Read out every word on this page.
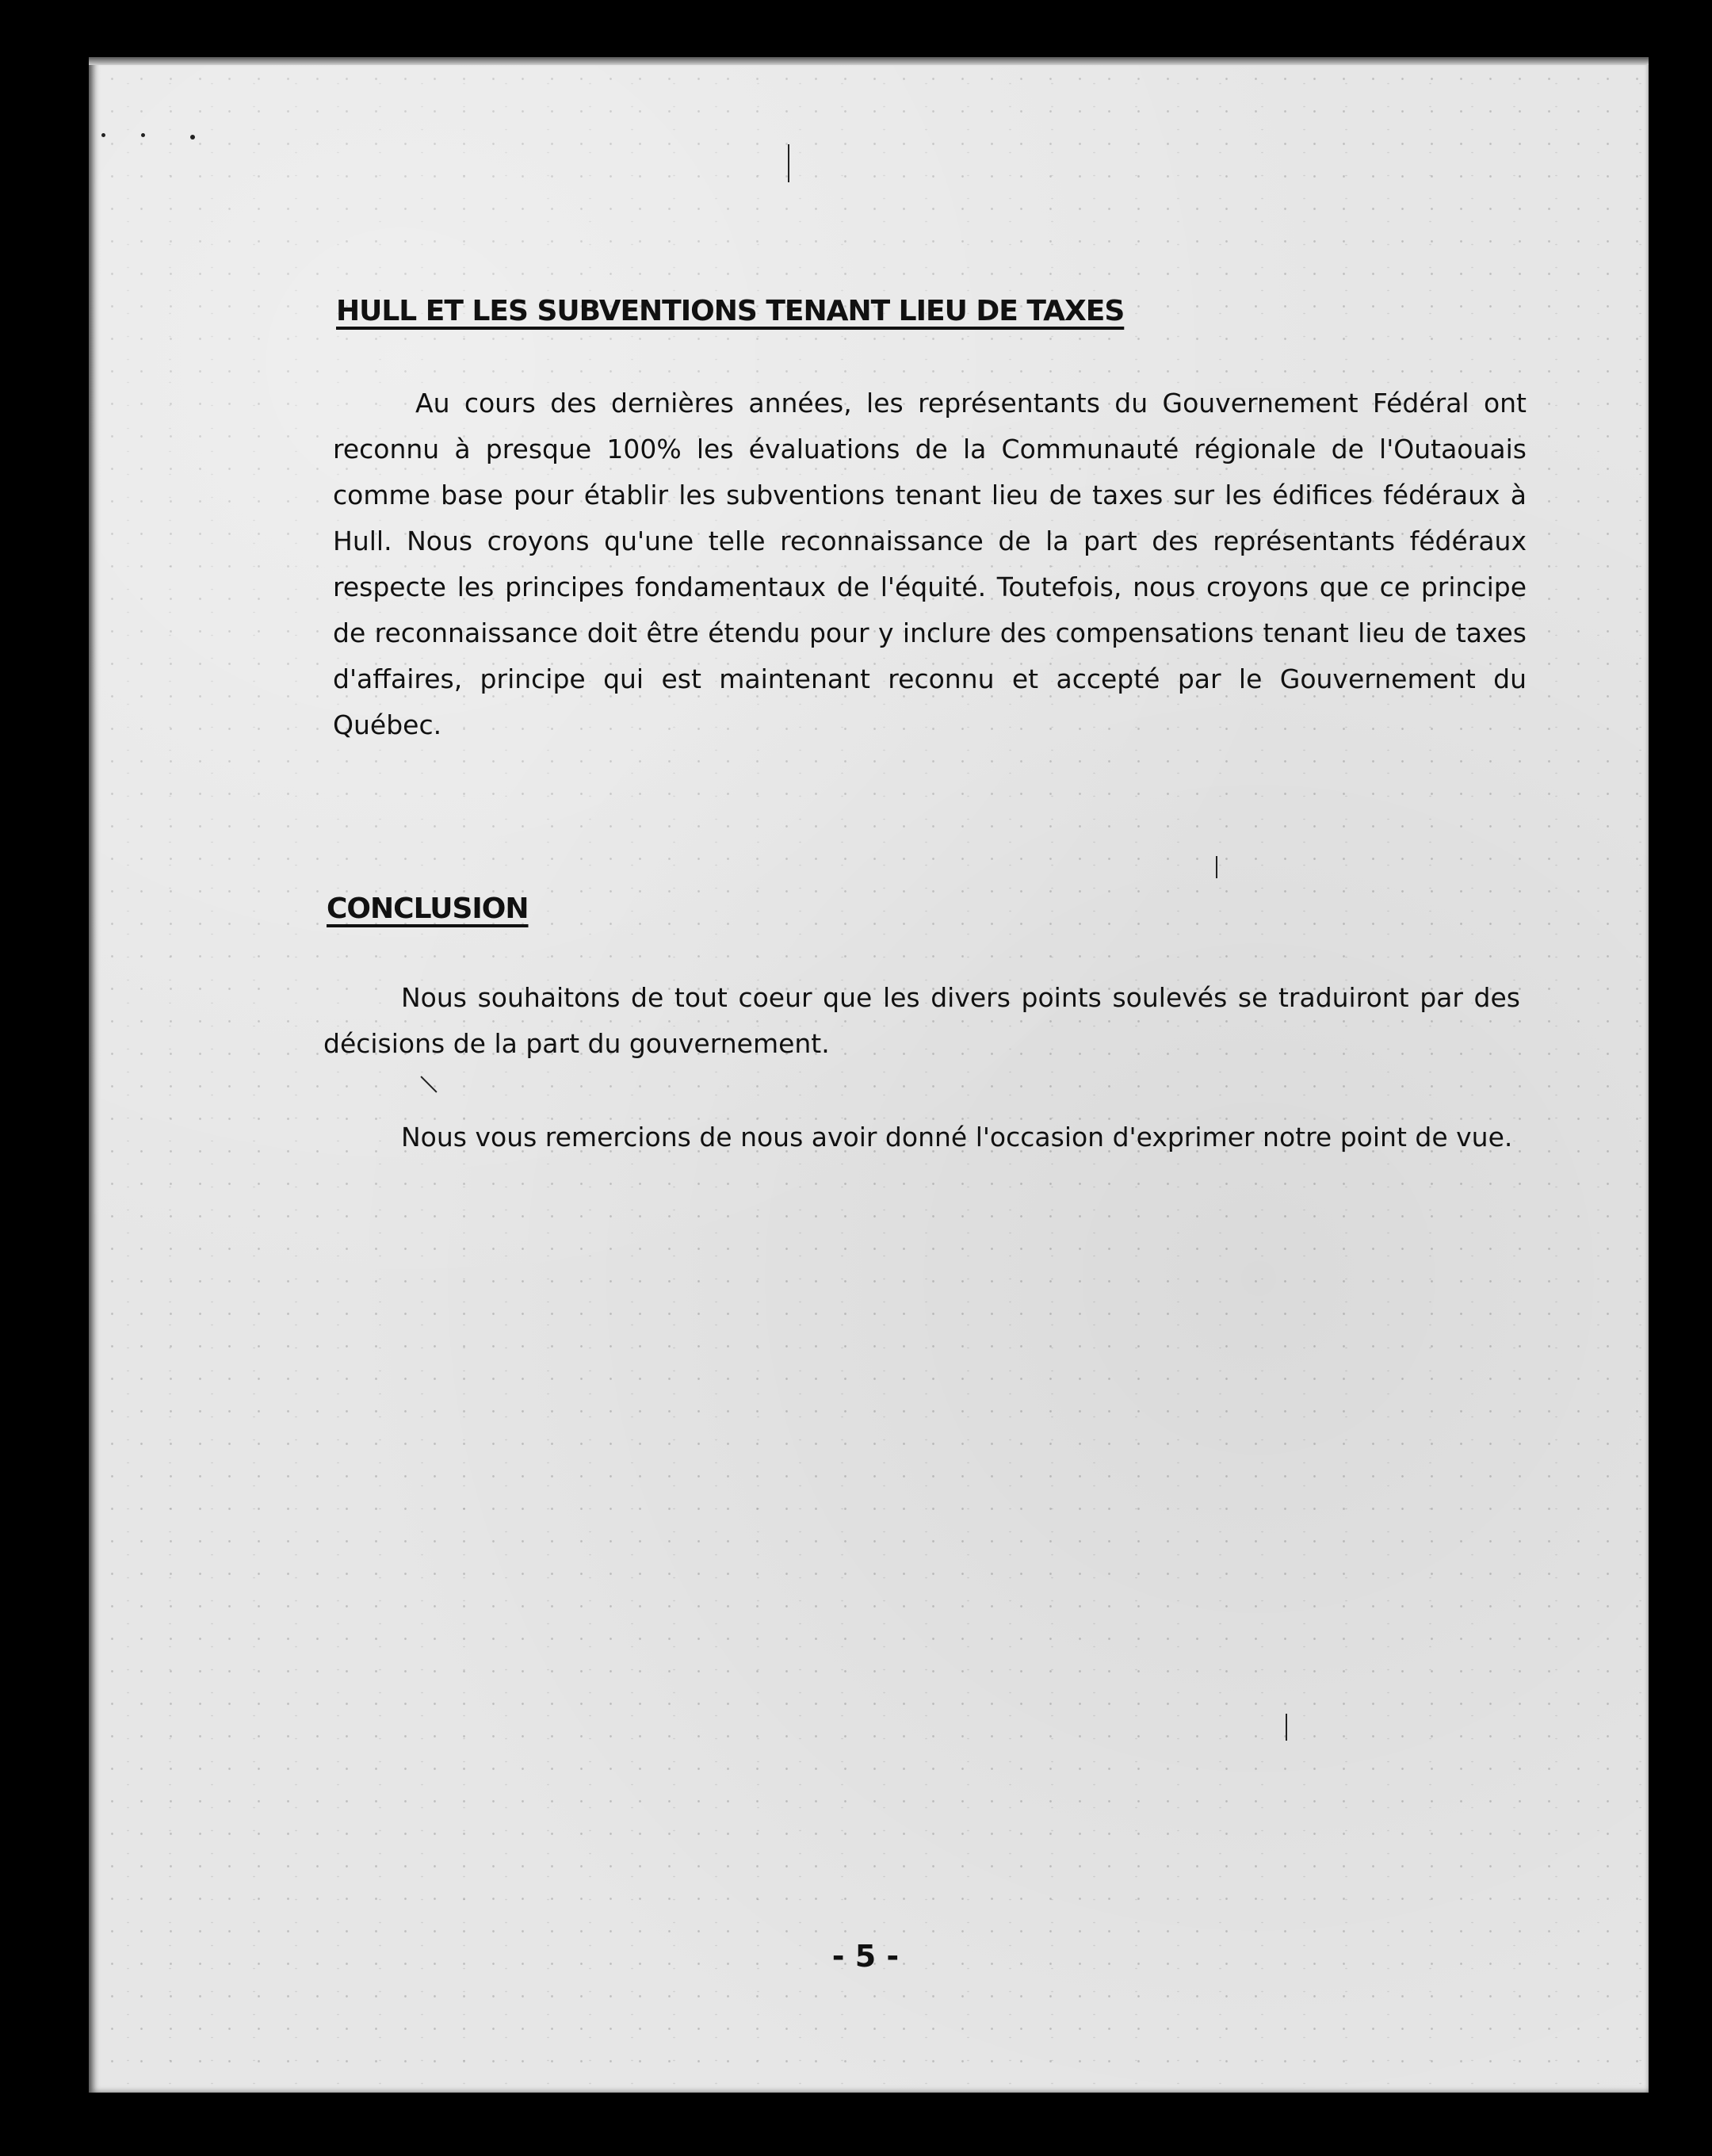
HULL ET LES SUBVENTIONS TENANT LIEU DE TAXES

Au cours des dernières années, les représentants du Gouvernement Fédéral ont reconnu à presque 100% les évaluations de la Communauté régionale de l'Outaouais comme base pour établir les subventions tenant lieu de taxes sur les édifices fédéraux à Hull. Nous croyons qu'une telle reconnaissance de la part des représentants fédéraux respecte les principes fondamentaux de l'équité. Toutefois, nous croyons que ce principe de reconnaissance doit être étendu pour y inclure des compensations tenant lieu de taxes d'affaires, principe qui est maintenant reconnu et accepté par le Gouvernement du Québec.

CONCLUSION

Nous souhaitons de tout coeur que les divers points soulevés se traduiront par des décisions de la part du gouvernement.

Nous vous remercions de nous avoir donné l'occasion d'exprimer notre point de vue.

- 5 -
